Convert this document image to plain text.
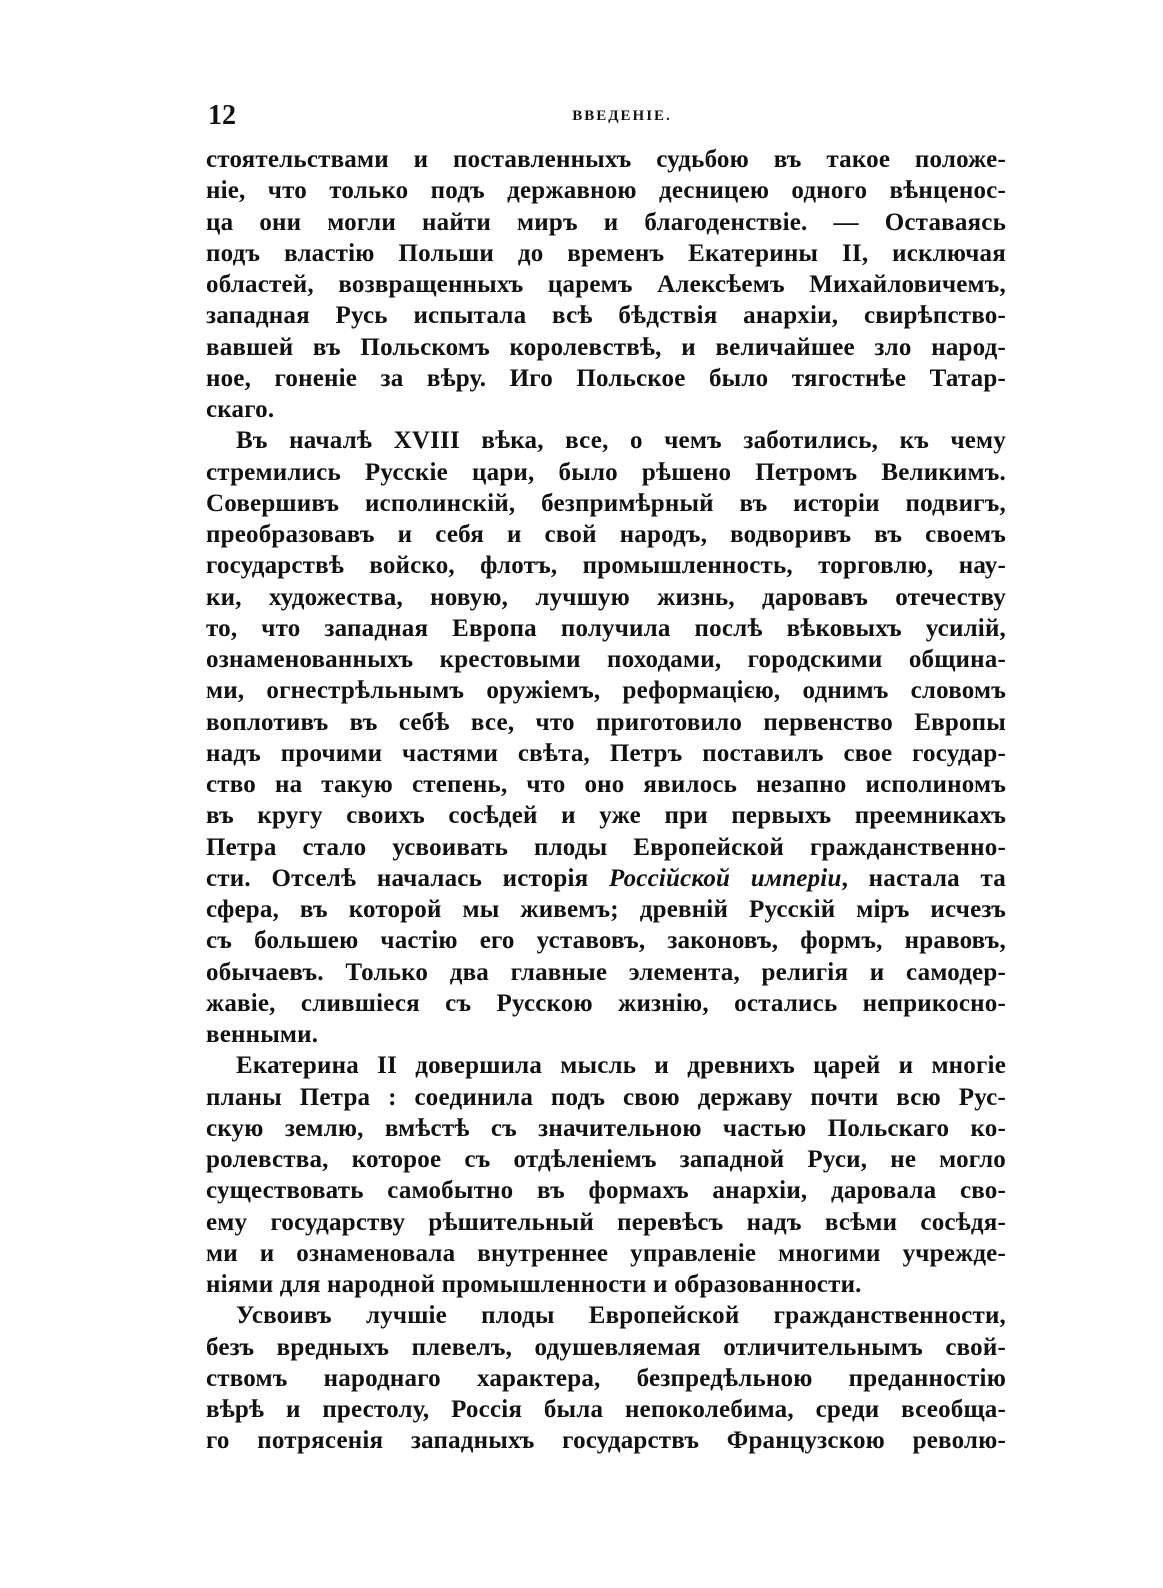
12	ВВЕДЕНІЕ.
стоятельствами и поставленныхъ судьбою въ такое положе-
ніе, что только подъ державною десницею одного вѣнценос-
ца они могли найти миръ и благоденствіе. — Оставаясь
подъ властію Польши до временъ Екатерины II, исключая
областей, возвращенныхъ царемъ Алексѣемъ Михайловичемъ,
западная Русь испытала всѣ бѣдствія анархіи, свирѣпство-
вавшей въ Польскомъ королевствѣ, и величайшее зло народ-
ное, гоненіе за вѣру. Иго Польское было тягостнѣе Татар-
скаго.
Въ началѣ XVIII вѣка, все, о чемъ заботились, къ чему
стремились Русскіе цари, было рѣшено Петромъ Великимъ.
Совершивъ исполинскій, безпримѣрный въ исторіи подвигъ,
преобразовавъ и себя и свой народъ, водворивъ въ своемъ
государствѣ войско, флотъ, промышленность, торговлю, нау-
ки, художества, новую, лучшую жизнь, даровавъ отечеству
то, что западная Европа получила послѣ вѣковыхъ усилій,
ознаменованныхъ крестовыми походами, городскими община-
ми, огнестрѣльнымъ оружіемъ, реформацією, однимъ словомъ
воплотивъ въ себѣ все, что приготовило первенство Европы
надъ прочими частями свѣта, Петръ поставилъ свое государ-
ство на такую степень, что оно явилось незапно исполиномъ
въ кругу своихъ сосѣдей и уже при первыхъ преемникахъ
Петра стало усвоивать плоды Европейской гражданственно-
сти. Отселѣ началась исторія Россійской имперіи, настала та
сфера, въ которой мы живемъ; древній Русскій міръ исчезъ
съ большею частію его уставовъ, законовъ, формъ, нравовъ,
обычаевъ. Только два главные элемента, религія и самодер-
жавіе, слившіеся съ Русскою жизнію, остались неприкосно-
венными.
Екатерина II довершила мысль и древнихъ царей и многіе
планы Петра : соединила подъ свою державу почти всю Рус-
скую землю, вмѣстѣ съ значительною частью Польскаго ко-
ролевства, которое съ отдѣленіемъ западной Руси, не могло
существовать самобытно въ формахъ анархіи, даровала сво-
ему государству рѣшительный перевѣсъ надъ всѣми сосѣдя-
ми и ознаменовала внутреннее управленіе многими учрежде-
ніями для народной промышленности и образованности.
Усвоивъ лучшіе плоды Европейской гражданственности,
безъ вредныхъ плевелъ, одушевляемая отличительнымъ свой-
ствомъ народнаго характера, безпредѣльною преданностію
вѣрѣ и престолу, Россія была непоколебима, среди всеобща-
го потрясенія западныхъ государствъ Французскою револю-
